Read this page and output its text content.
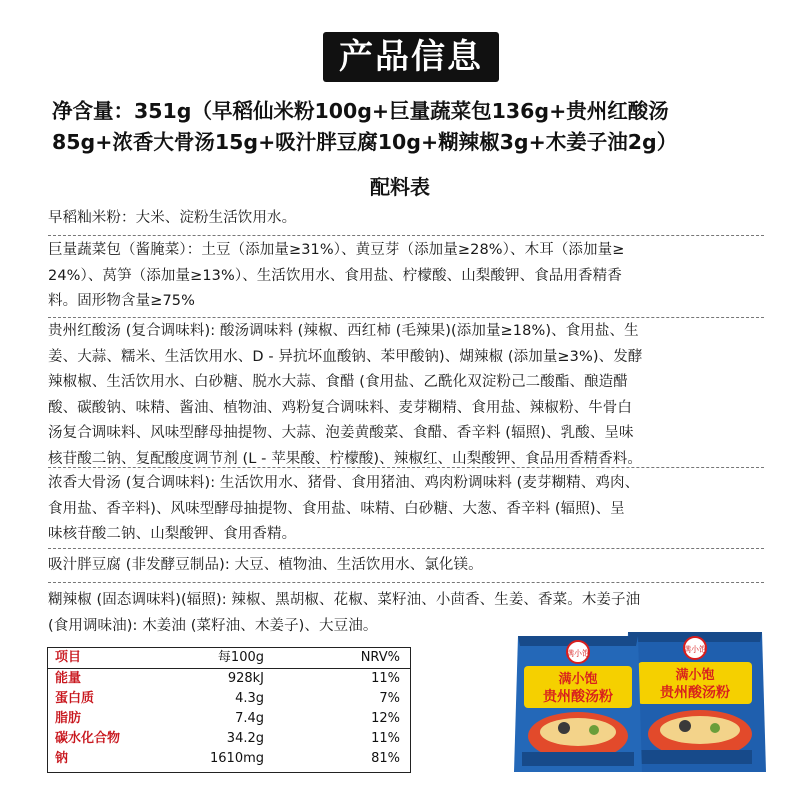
产品信息
净含量：351g（早稻仙米粉100g+巨量蔬菜包136g+贵州红酸汤
85g+浓香大骨汤15g+吸汁胖豆腐10g+糊辣椒3g+木姜子油2g）
配料表
早稻籼米粉：大米、淀粉生活饮用水。
巨量蔬菜包（酱腌菜）：土豆（添加量≥31%）、黄豆芽（添加量≥28%）、木耳（添加量≥
24%）、莴笋（添加量≥13%）、生活饮用水、食用盐、柠檬酸、山梨酸钾、食品用香精香
料。固形物含量≥75%
贵州红酸汤 (复合调味料): 酸汤调味料 (辣椒、西红柿 (毛辣果)(添加量≥18%)、食用盐、生
姜、大蒜、糯米、生活饮用水、D - 异抗坏血酸钠、苯甲酸钠)、煳辣椒 (添加量≥3%)、发酵
辣椒椒、生活饮用水、白砂糖、脱水大蒜、食醋 (食用盐、乙酰化双淀粉己二酸酯、酿造醋
酸、碳酸钠、味精、酱油、植物油、鸡粉复合调味料、麦芽糊精、食用盐、辣椒粉、牛骨白
汤复合调味料、风味型酵母抽提物、大蒜、泡姜黄酸菜、食醋、香辛料 (辐照)、乳酸、呈味
核苷酸二钠、复配酸度调节剂 (L - 苹果酸、柠檬酸)、辣椒红、山梨酸钾、食品用香精香料。
浓香大骨汤 (复合调味料): 生活饮用水、猪骨、食用猪油、鸡肉粉调味料 (麦芽糊精、鸡肉、
食用盐、香辛料)、风味型酵母抽提物、食用盐、味精、白砂糖、大葱、香辛料 (辐照)、呈
味核苷酸二钠、山梨酸钾、食用香精。
吸汁胖豆腐 (非发酵豆制品): 大豆、植物油、生活饮用水、氯化镁。
糊辣椒 (固态调味料)(辐照): 辣椒、黑胡椒、花椒、菜籽油、小茴香、生姜、香菜。木姜子油
(食用调味油): 木姜油 (菜籽油、木姜子)、大豆油。
项目	每100g	NRV%
能量	928kJ	11%
蛋白质	4.3g	7%
脂肪	7.4g	12%
碳水化合物	34.2g	11%
钠	1610mg	81%
满小饱
满小饱
贵州酸汤粉
满小饱
满小饱
贵州酸汤粉
